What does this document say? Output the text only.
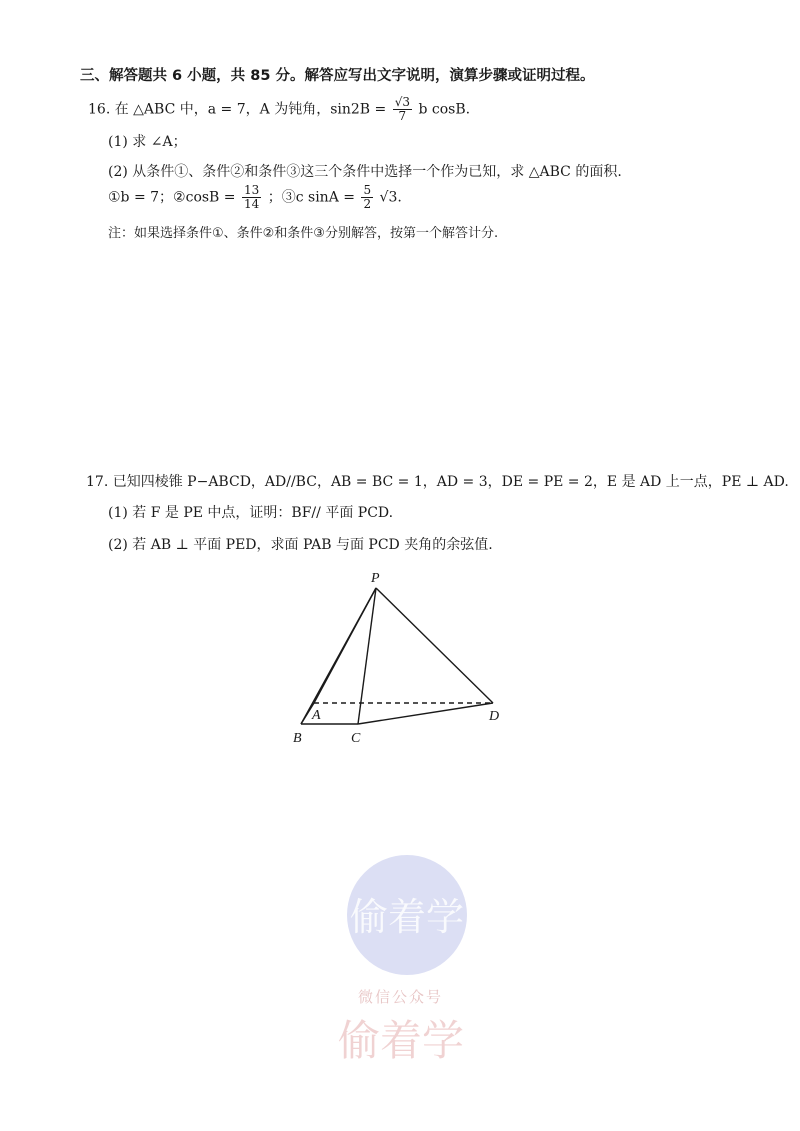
三、解答题共 6 小题，共 85 分。解答应写出文字说明，演算步骤或证明过程。
16. 在 △ABC 中，a = 7，A 为钝角，$\sin 2B = \frac{√3}{7}$ b cosB.
(1) 求 ∠A；
(2) 从条件①、条件②和条件③这三个条件中选择一个作为已知，求 △ABC 的面积.
①b = 7；②cosB = $\frac{13}{14}$ ；③c $\sin A = \frac{5}{2} √3$.
注：如果选择条件①、条件②和条件③分别解答，按第一个解答计分.
17. 已知四棱锥 P−ABCD，AD//BC，AB = BC = 1，AD = 3，DE = PE = 2，E 是 AD 上一点，PE ⊥ AD.
(1) 若 F 是 PE 中点，证明：BF// 平面 PCD.
(2) 若 AB ⊥ 平面 PED，求面 PAB 与面 PCD 夹角的余弦值.
P
A
B	C
D
偷着学
微信公众号
偷着学
